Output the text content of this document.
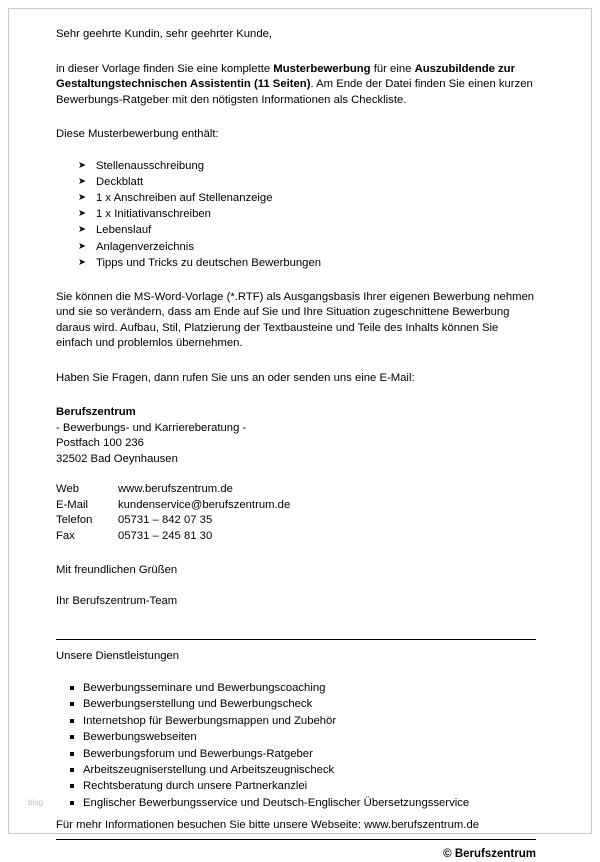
Sehr geehrte Kundin, sehr geehrter Kunde,

in dieser Vorlage finden Sie eine komplette Musterbewerbung für eine Auszubildende zur Gestaltungstechnischen Assistentin (11 Seiten). Am Ende der Datei finden Sie einen kurzen Bewerbungs-Ratgeber mit den nötigsten Informationen als Checkliste.

Diese Musterbewerbung enthält:

➤ Stellenausschreibung
➤ Deckblatt
➤ 1 x Anschreiben auf Stellenanzeige
➤ 1 x Initiativanschreiben
➤ Lebenslauf
➤ Anlagenverzeichnis
➤ Tipps und Tricks zu deutschen Bewerbungen

Sie können die MS-Word-Vorlage (*.RTF) als Ausgangsbasis Ihrer eigenen Bewerbung nehmen und sie so verändern, dass am Ende auf Sie und Ihre Situation zugeschnittene Bewerbung daraus wird. Aufbau, Stil, Platzierung der Textbausteine und Teile des Inhalts können Sie einfach und problemlos übernehmen.

Haben Sie Fragen, dann rufen Sie uns an oder senden uns eine E-Mail:

Berufszentrum

- Bewerbungs- und Karriereberatung -

Postfach 100 236

32502 Bad Oeynhausen

Web	www.berufszentrum.de
E-Mail	kundenservice@berufszentrum.de
Telefon	05731 – 842 07 35
Fax	05731 – 245 81 30

Mit freundlichen Grüßen

Ihr Berufszentrum-Team

Unsere Dienstleistungen

Bewerbungsseminare und Bewerbungscoaching
Bewerbungserstellung und Bewerbungscheck
Internetshop für Bewerbungsmappen und Zubehör
Bewerbungswebseiten
Bewerbungsforum und Bewerbungs-Ratgeber
Arbeitszeugniserstellung und Arbeitszeugnischeck
Rechtsberatung durch unsere Partnerkanzlei
Englischer Bewerbungsservice und Deutsch-Englischer Übersetzungsservice

Für mehr Informationen besuchen Sie bitte unsere Webseite: www.berufszentrum.de

© Berufszentrum

blog
